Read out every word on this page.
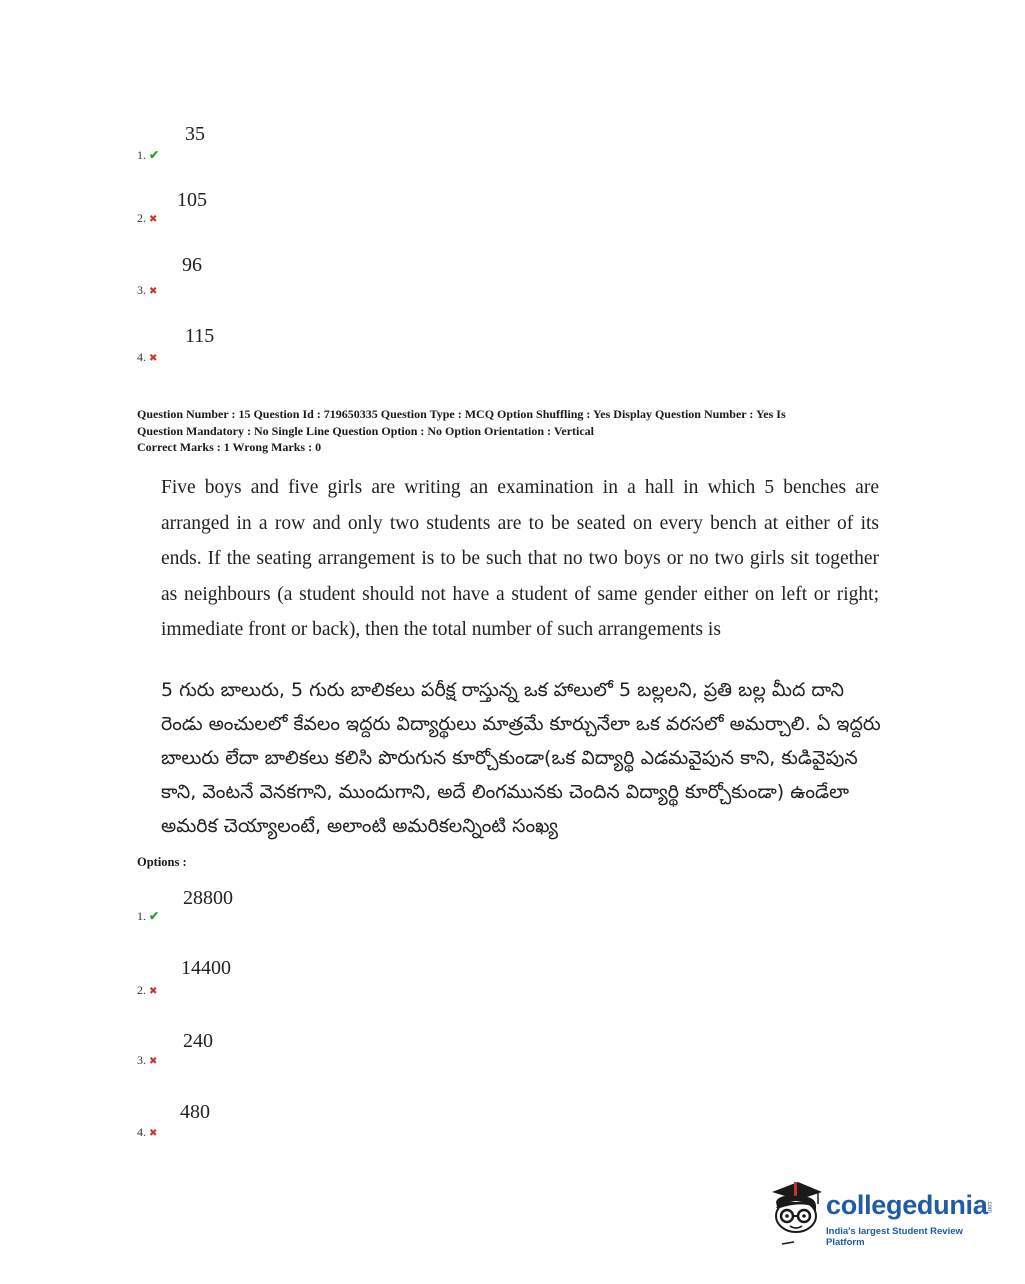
35
1. ✔
105
2. ✖
96
3. ✖
115
4. ✖
Question Number : 15 Question Id : 719650335 Question Type : MCQ Option Shuffling : Yes Display Question Number : Yes Is
Question Mandatory : No Single Line Question Option : No Option Orientation : Vertical
Correct Marks : 1 Wrong Marks : 0
Five boys and five girls are writing an examination in a hall in which 5 benches are arranged in a row and only two students are to be seated on every bench at either of its ends. If the seating arrangement is to be such that no two boys or no two girls sit together as neighbours (a student should not have a student of same gender either on left or right; immediate front or back), then the total number of such arrangements is
5 గురు బాలురు, 5 గురు బాలికలు పరీక్ష రాస్తున్న ఒక హాలులో 5 బల్లలని, ప్రతి బల్ల మీద దాని రెండు అంచులలో కేవలం ఇద్దరు విద్యార్థులు మాత్రమే కూర్చునేలా ఒక వరసలో అమర్చాలి. ఏ ఇద్దరు బాలురు లేదా బాలికలు కలిసి పొరుగున కూర్చోకుండా(ఒక విద్యార్థి ఎడమవైపున కాని, కుడివైపున కాని, వెంటనే వెనకగాని, ముందుగాని, అదే లింగమునకు చెందిన విద్యార్థి కూర్చోకుండా) ఉండేలా అమరిక చెయ్యాలంటే, అలాంటి అమరికలన్నింటి సంఖ్య
Options :
28800
1. ✔
14400
2. ✖
240
3. ✖
480
4. ✖
collegedunia
.com
India's largest Student Review Platform
